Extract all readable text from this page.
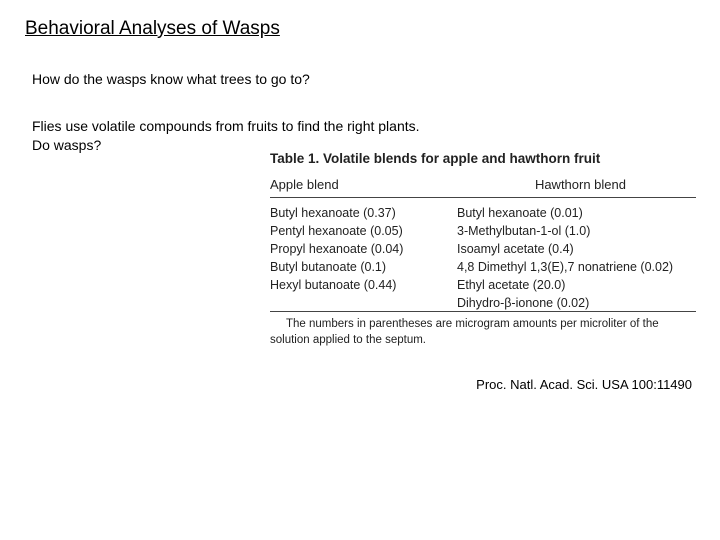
Behavioral Analyses of Wasps
How do the wasps know what trees to go to?
Flies use volatile compounds from fruits to find the right plants.
Do wasps?
Table 1. Volatile blends for apple and hawthorn fruit
Apple blend	Hawthorn blend
Butyl hexanoate (0.37)
Pentyl hexanoate (0.05)
Propyl hexanoate (0.04)
Butyl butanoate (0.1)
Hexyl butanoate (0.44)
Butyl hexanoate (0.01)
3-Methylbutan-1-ol (1.0)
Isoamyl acetate (0.4)
4,8 Dimethyl 1,3(E),7 nonatriene (0.02)
Ethyl acetate (20.0)
Dihydro-β-ionone (0.02)
The numbers in parentheses are microgram amounts per microliter of the solution applied to the septum.
Proc. Natl. Acad. Sci. USA 100:11490
